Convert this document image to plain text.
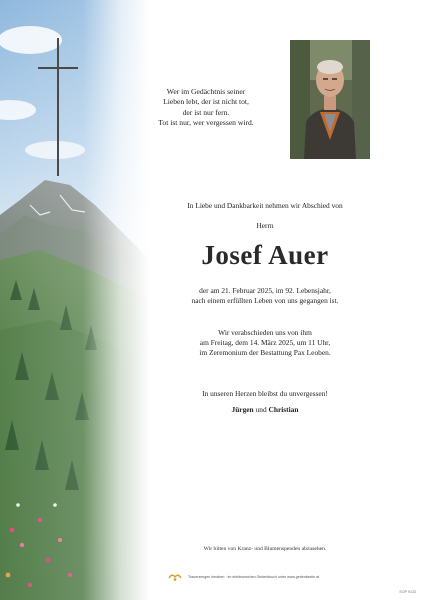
Wer im Gedächtnis seiner
Lieben lebt, der ist nicht tot,
der ist nur fern.
Tot ist nur, wer vergessen wird.
In Liebe und Dankbarkeit nehmen wir Abschied von
Herrn
Josef Auer
der am 21. Februar 2025, im 92. Lebensjahr,
nach einem erfüllten Leben von uns gegangen ist.
Wir verabschieden uns von ihm
am Freitag, dem 14. März 2025, um 11 Uhr,
im Zeremonium der Bestattung Pax Leoben.
In unseren Herzen bleibst du unvergessen!
Jürgen und Christian
Wir bitten von Kranz- und Blumenspenden abzusehen.
Trauerzeugen heraben · im elektronischen Gedenkbuch unter www.gedenkseite.at
EOP 9133
